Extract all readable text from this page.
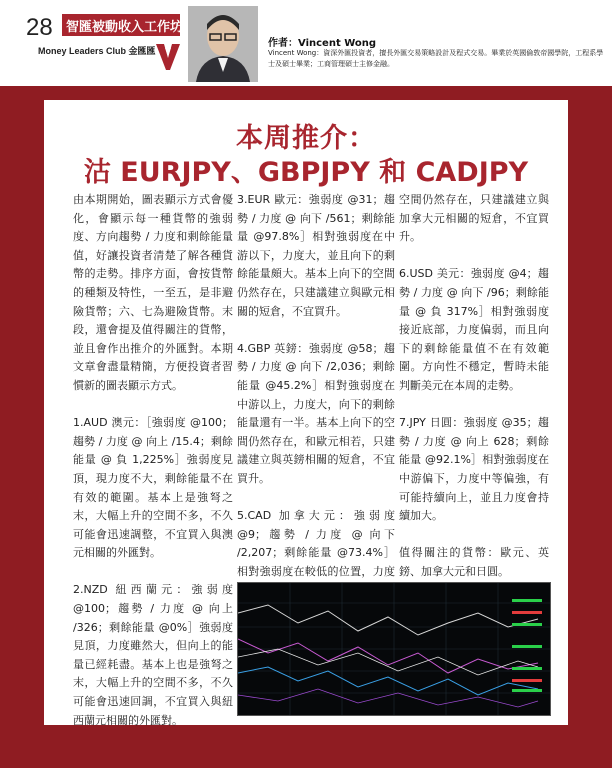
28 智匯被動收入工作坊
Money Leaders Club 金匯匯
作者：Vincent Wong
Vincent Wong：資深外匯投資者，擅長外匯交易策略設計及程式交易。畢業於英國倫敦帝國學院，工程系學士及碩士畢業；工商管理碩士主修金融。
本周推介：
沽 EURJPY、GBPJPY 和 CADJPY

由本期開始，圖表顯示方式會優化，會顯示每一種貨幣的強弱度、方向趨勢 / 力度和剩餘能量值，好讓投資者清楚了解各種貨幣的走勢。排序方面，會按貨幣的種類及特性，一至五，是非避險貨幣；六、七為避險貨幣。末段，還會提及值得關注的貨幣，並且會作出推介的外匯對。本期文章會盡量精簡，方便投資者習慣新的圖表顯示方式。

1.AUD 澳元：［強弱度 @100；趨勢 / 力度 @ 向上 /15.4；剩餘能量 @ 負 1,225%］強弱度見頂，現力度不大，剩餘能量不在有效的範圍。基本上是強弩之末，大幅上升的空間不多，不久可能會迅速調整，不宜買入與澳元相關的外匯對。

2.NZD 紐西蘭元：強弱度 @100；趨勢 / 力度 @ 向上 /326；剩餘能量 @0%］強弱度見頂，力度雖然大，但向上的能量已經耗盡。基本上也是強弩之末，大幅上升的空間不多，不久可能會迅速回調，不宜買入與紐西蘭元相關的外匯對。

3.EUR 歐元：強弱度 @31；趨勢 / 力度 @ 向下 /561；剩餘能量 @97.8%］相對強弱度在中游以下，力度大，並且向下的剩餘能量頗大。基本上向下的空間仍然存在，只建議建立與歐元相關的短倉，不宜買升。

4.GBP 英鎊：強弱度 @58；趨勢 / 力度 @ 向下 /2,036；剩餘能量 @45.2%］相對強弱度在中游以上，力度大，向下的剩餘能量還有一半。基本上向下的空間仍然存在，和歐元相若，只建議建立與英鎊相關的短倉，不宜買升。

5.CAD 加拿大元：強弱度 @9；趨勢 / 力度 @ 向下 /2,207；剩餘能量 @73.4%］相對強弱度在較低的位置，力度

空間仍然存在，只建議建立與加拿大元相關的短倉，不宜買升。

6.USD 美元：強弱度 @4；趨勢 / 力度 @ 向下 /96；剩餘能量 @ 負 317%］相對強弱度接近底部，力度偏弱，而且向下的剩餘能量值不在有效範圍。方向性不穩定，暫時未能判斷美元在本周的走勢。

7.JPY 日圓：強弱度 @35；趨勢 / 力度 @ 向上 628；剩餘能量 @92.1%］相對強弱度在中游偏下，力度中等偏強，有可能持續向上，並且力度會持續加大。

值得關注的貨幣：歐元、英鎊、加拿大元和日圓。
